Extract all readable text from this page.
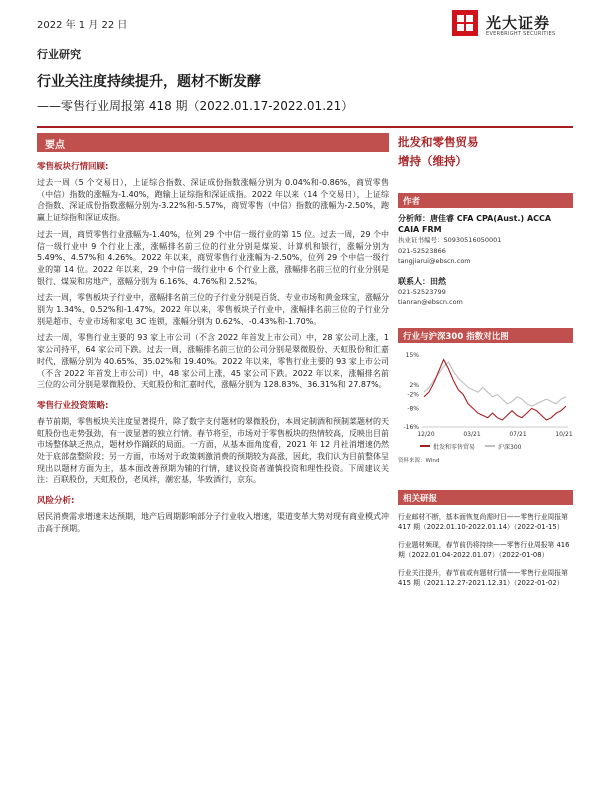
2022 年 1 月 22 日	光大证券
EVERBRIGHT SECURITIES
行业研究
行业关注度持续提升，题材不断发酵
——零售行业周报第 418 期（2022.01.17-2022.01.21）
要点
零售板块行情回顾:

过去一周（5 个交易日），上证综合指数、深证成份指数涨幅分别为 0.04%和-0.86%，商贸零售（中信）指数的涨幅为-1.40%，跑输上证综指和深证成指。2022 年以来（14 个交易日），上证综合指数、深证成份指数涨幅分别为-3.22%和-5.57%，商贸零售（中信）指数的涨幅为-2.50%，跑赢上证综指和深证成指。

过去一周，商贸零售行业涨幅为-1.40%，位列 29 个中信一级行业的第 15 位。过去一周，29 个中信一级行业中 9 个行业上涨，涨幅排名前三位的行业分别是煤炭、计算机和银行，涨幅分别为 5.49%、4.57%和 4.26%。2022 年以来，商贸零售行业涨幅为-2.50%，位列 29 个中信一级行业的第 14 位。2022 年以来，29 个中信一级行业中 6 个行业上涨，涨幅排名前三位的行业分别是银行、煤炭和房地产，涨幅分别为 6.16%、4.76%和 2.52%。

过去一周，零售板块子行业中，涨幅排名前三位的子行业分别是百货、专业市场和黄金珠宝，涨幅分别为 1.34%、0.52%和-1.47%。2022 年以来，零售板块子行业中，涨幅排名前三位的子行业分别是超市、专业市场和家电 3C 连锁，涨幅分别为 0.62%、-0.43%和-1.70%。

过去一周，零售行业主要的 93 家上市公司（不含 2022 年首发上市公司）中，28 家公司上涨，1 家公司持平，64 家公司下跌。过去一周，涨幅排名前三位的公司分别是翠微股份、天虹股份和汇嘉时代，涨幅分别为 40.65%、35.02%和 19.40%。2022 年以来，零售行业主要的 93 家上市公司（不含 2022 年首发上市公司）中，48 家公司上涨，45 家公司下跌。2022 年以来，涨幅排名前三位的公司分别是翠微股份、天虹股份和汇嘉时代，涨幅分别为 128.83%、36.31%和 27.87%。

零售行业投资策略:

春节前期，零售板块关注度显著提升，除了数字支付题材的翠微股份，本周定制酒和预制菜题材的天虹股份也走势强劲，有一波显著的独立行情。春节将至，市场对于零售板块的热情较高，反映出目前市场整体缺乏热点，题材炒作踊跃的局面。一方面，从基本面角度看，2021 年 12 月社消增速仍然处于底部盘整阶段；另一方面，市场对于政策刺激消费的预期较为高涨，因此，我们认为目前整体呈现出以题材方面为主，基本面改善预期为辅的行情，建议投资者谨慎投资和理性投资。下周建议关注：百联股份，天虹股份，老凤祥，潮宏基，华致酒行，京东。

风险分析:

居民消费需求增速未达预期，地产后周期影响部分子行业收入增速，渠道变革大势对现有商业模式冲击高于预期。

批发和零售贸易
增持（维持）
作者
分析师：唐佳睿 CFA CPA(Aust.) ACCA CAIA FRM
执业证书编号：S0930516050001
021-52523866
tangjiarui@ebscn.com
联系人：田然
021-52523799
tianran@ebscn.com
行业与沪深300 指数对比图
15%
2%
-2%
-8%
-16%
12/20	03/21	07/21	10/21
批发和零售贸易	沪深300
资料来源：Wind
相关研报
行业邮材不断，基本面恢复尚需时日——零售行业周报第 417 期（2022.01.10-2022.01.14）（2022-01-15）
行业题材频现，春节前仍将持续——零售行业周报第 416 期（2022.01.04-2022.01.07）（2022-01-08）
行业关注提升，春节前或有题材行情——零售行业周报第 415 期（2021.12.27-2021.12.31）（2022-01-02）
